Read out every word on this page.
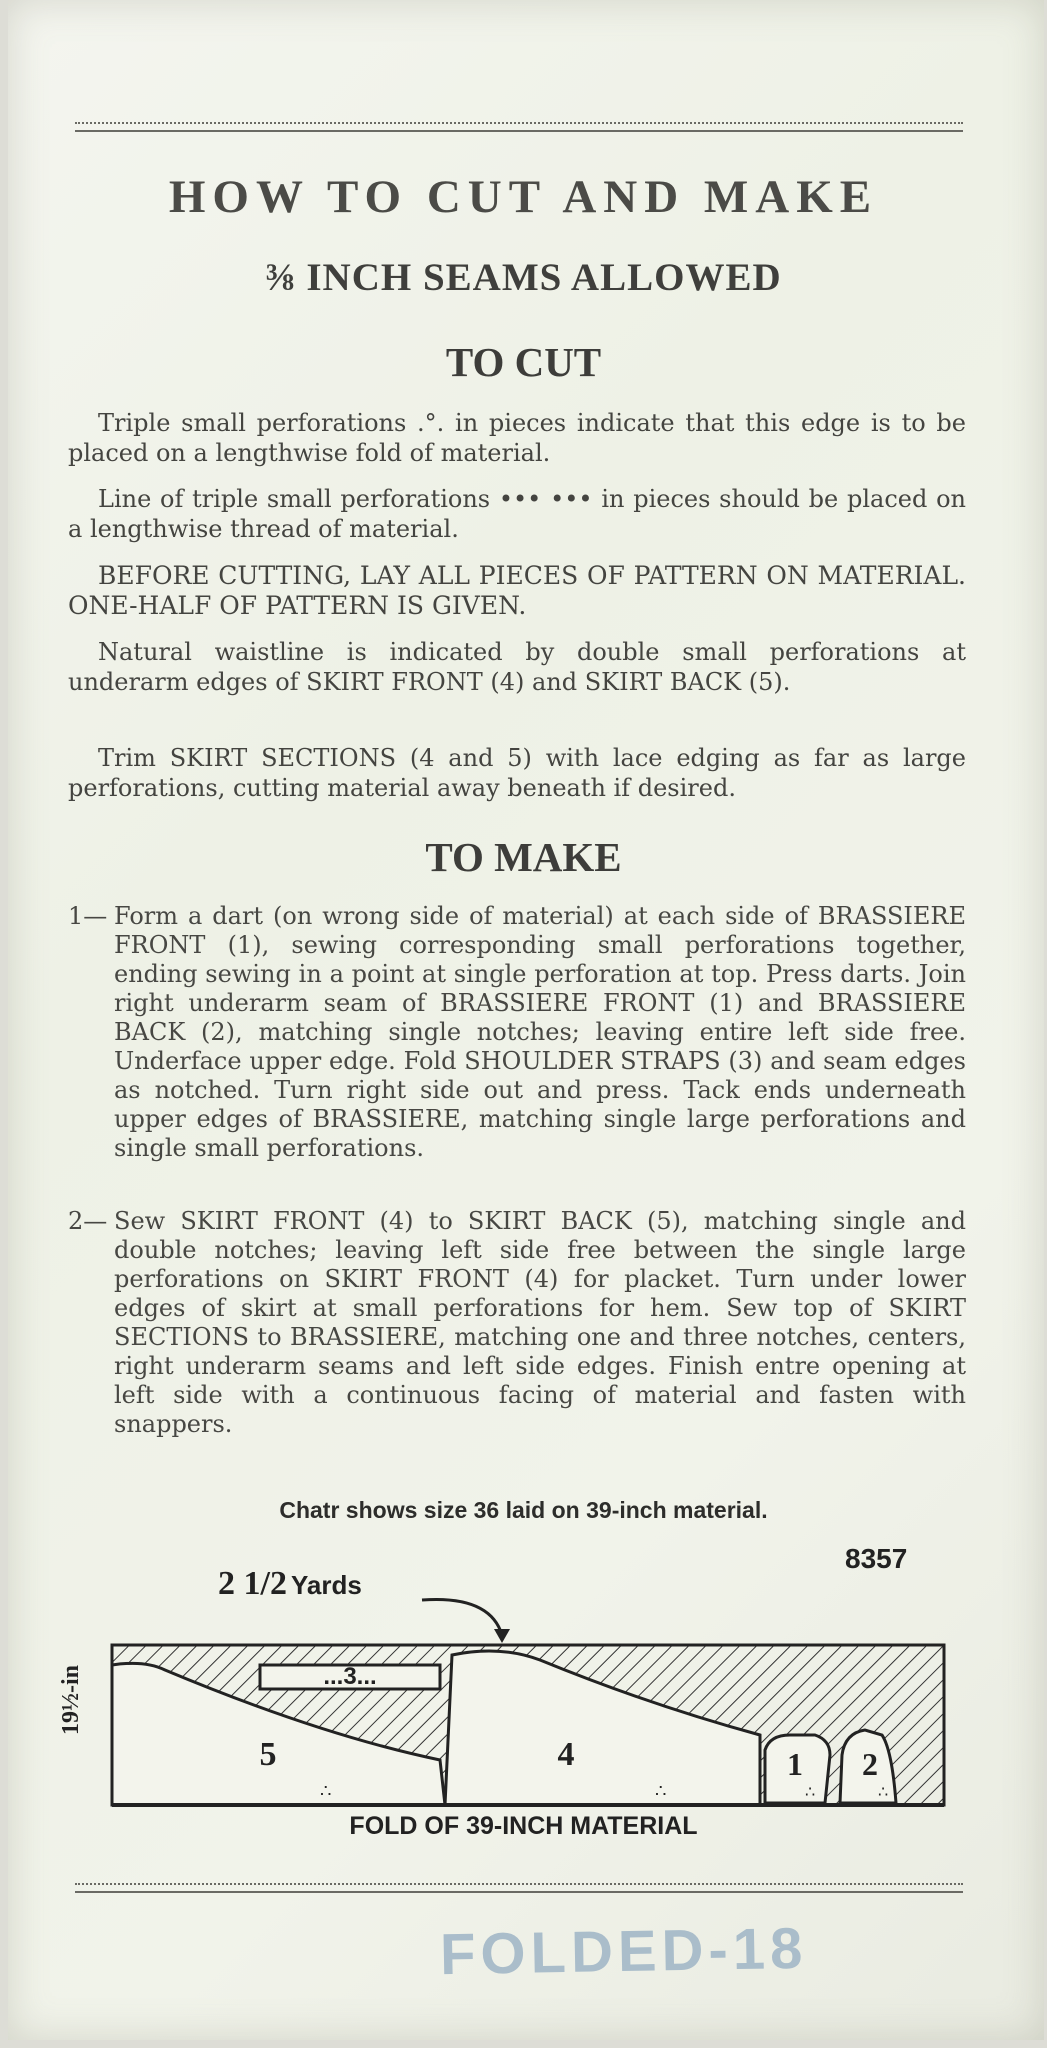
HOW TO CUT AND MAKE
⅜ INCH SEAMS ALLOWED
TO CUT
Triple small perforations .°. in pieces indicate that this edge is to be placed on a lengthwise fold of material.
Line of triple small perforations ••• ••• in pieces should be placed on a lengthwise thread of material.
BEFORE CUTTING, LAY ALL PIECES OF PATTERN ON MATERIAL. ONE-HALF OF PATTERN IS GIVEN.
Natural waistline is indicated by double small perforations at underarm edges of SKIRT FRONT (4) and SKIRT BACK (5).
Trim SKIRT SECTIONS (4 and 5) with lace edging as far as large perforations, cutting material away beneath if desired.
TO MAKE
1— Form a dart (on wrong side of material) at each side of BRASSIERE FRONT (1), sewing corresponding small perforations together, ending sewing in a point at single perforation at top. Press darts. Join right underarm seam of BRASSIERE FRONT (1) and BRASSIERE BACK (2), matching single notches; leaving entire left side free. Underface upper edge. Fold SHOULDER STRAPS (3) and seam edges as notched. Turn right side out and press. Tack ends underneath upper edges of BRASSIERE, matching single large perforations and single small perforations.
2— Sew SKIRT FRONT (4) to SKIRT BACK (5), matching single and double notches; leaving left side free between the single large perforations on SKIRT FRONT (4) for placket. Turn under lower edges of skirt at small perforations for hem. Sew top of SKIRT SECTIONS to BRASSIERE, matching one and three notches, centers, right underarm seams and left side edges. Finish entre opening at left side with a continuous facing of material and fasten with snappers.
Chatr shows size 36 laid on 39-inch material.
8357
2 1/2 Yards
...3...
5	4	1 2
∴	∴	∴	∴
19½-in
FOLD OF 39-INCH MATERIAL
FOLDED-18
